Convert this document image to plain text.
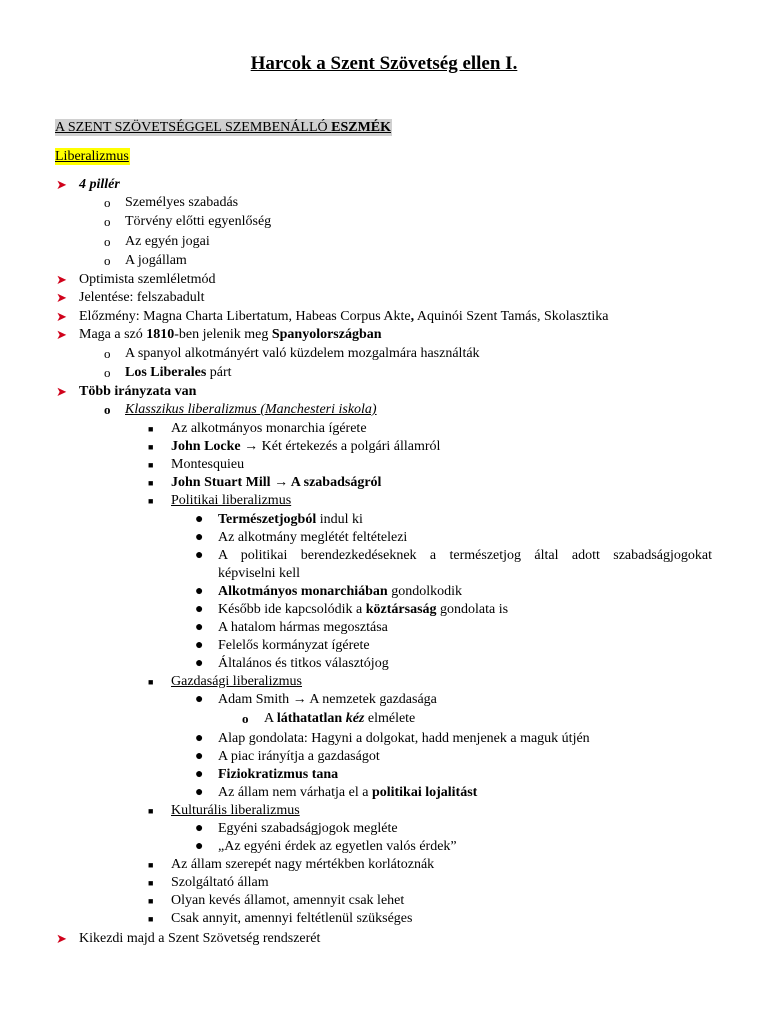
Harcok a Szent Szövetség ellen I.
A SZENT SZÖVETSÉGGEL SZEMBENÁLLÓ ESZMÉK
Liberalizmus
➤ 4 pillér
o	Személyes szabadás
o	Törvény előtti egyenlőség
o	Az egyén jogai
o	A jogállam
➤ Optimista szemléletmód
➤ Jelentése: felszabadult
➤ Előzmény: Magna Charta Libertatum, Habeas Corpus Akte, Aquinói Szent Tamás, Skolasztika
➤ Maga a szó 1810-ben jelenik meg Spanyolországban
o	A spanyol alkotmányért való küzdelem mozgalmára használták
o	Los Liberales párt
➤ Több irányzata van
o	Klasszikus liberalizmus (Manchesteri iskola)
■	Az alkotmányos monarchia ígérete
■	John Locke → Két értekezés a polgári államról
■	Montesquieu
■	John Stuart Mill → A szabadságról
■	Politikai liberalizmus
●	Természetjogból indul ki
●	Az alkotmány meglétét feltételezi
●	A politikai berendezkedéseknek a természetjog által adott szabadságjogokat
képviselni kell
●	Alkotmányos monarchiában gondolkodik
●	Később ide kapcsolódik a köztársaság gondolata is
●	A hatalom hármas megosztása
●	Felelős kormányzat ígérete
●	Általános és titkos választójog
■	Gazdasági liberalizmus
●	Adam Smith → A nemzetek gazdasága
o	A láthatatlan kéz elmélete
●	Alap gondolata: Hagyni a dolgokat, hadd menjenek a maguk útjén
●	A piac irányítja a gazdaságot
●	Fiziokratizmus tana
●	Az állam nem várhatja el a politikai lojalitást
■	Kulturális liberalizmus
●	Egyéni szabadságjogok megléte
●	„Az egyéni érdek az egyetlen valós érdek”
■	Az állam szerepét nagy mértékben korlátoznák
■	Szolgáltató állam
■	Olyan kevés államot, amennyit csak lehet
■	Csak annyit, amennyi feltétlenül szükséges
➤ Kikezdi majd a Szent Szövetség rendszerét
